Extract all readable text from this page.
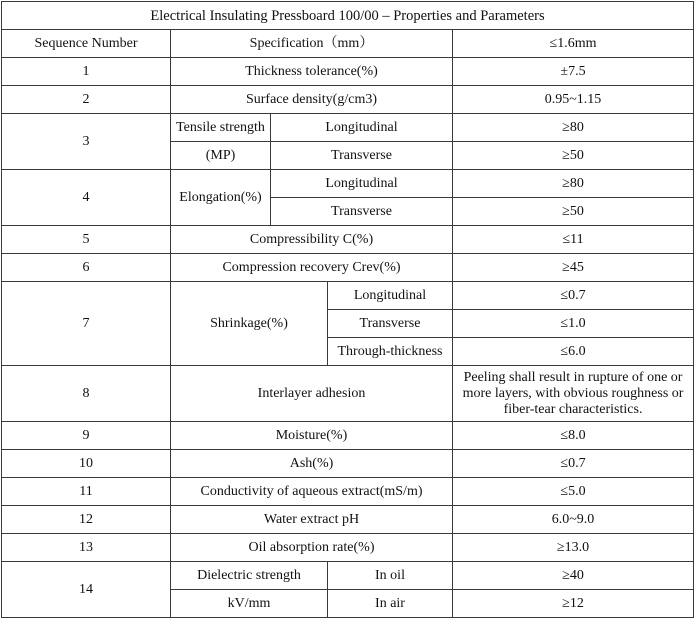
Electrical Insulating Pressboard 100/00 – Properties and Parameters				
Sequence Number	Specification（mm）			≤1.6mm
1	Thickness tolerance(%)			±7.5
2	Surface density(g/cm3)			0.95~1.15
3	Tensile strength	Longitudinal		≥80
	(MP)	Transverse		≥50
4	Elongation(%)	Longitudinal		≥80
		Transverse		≥50
5	Compressibility C(%)			≤11
6	Compression recovery Crev(%)			≥45
7	Shrinkage(%)		Longitudinal	≤0.7
			Transverse	≤1.0
			Through-thickness	≤6.0
8	Interlayer adhesion			Peeling shall result in rupture of one or more layers, with obvious roughness or fiber-tear characteristics.
9	Moisture(%)			≤8.0
10	Ash(%)			≤0.7
11	Conductivity of aqueous extract(mS/m)			≤5.0
12	Water extract pH			6.0~9.0
13	Oil absorption rate(%)			≥13.0
14	Dielectric strength		In oil	≥40
	kV/mm		In air	≥12
